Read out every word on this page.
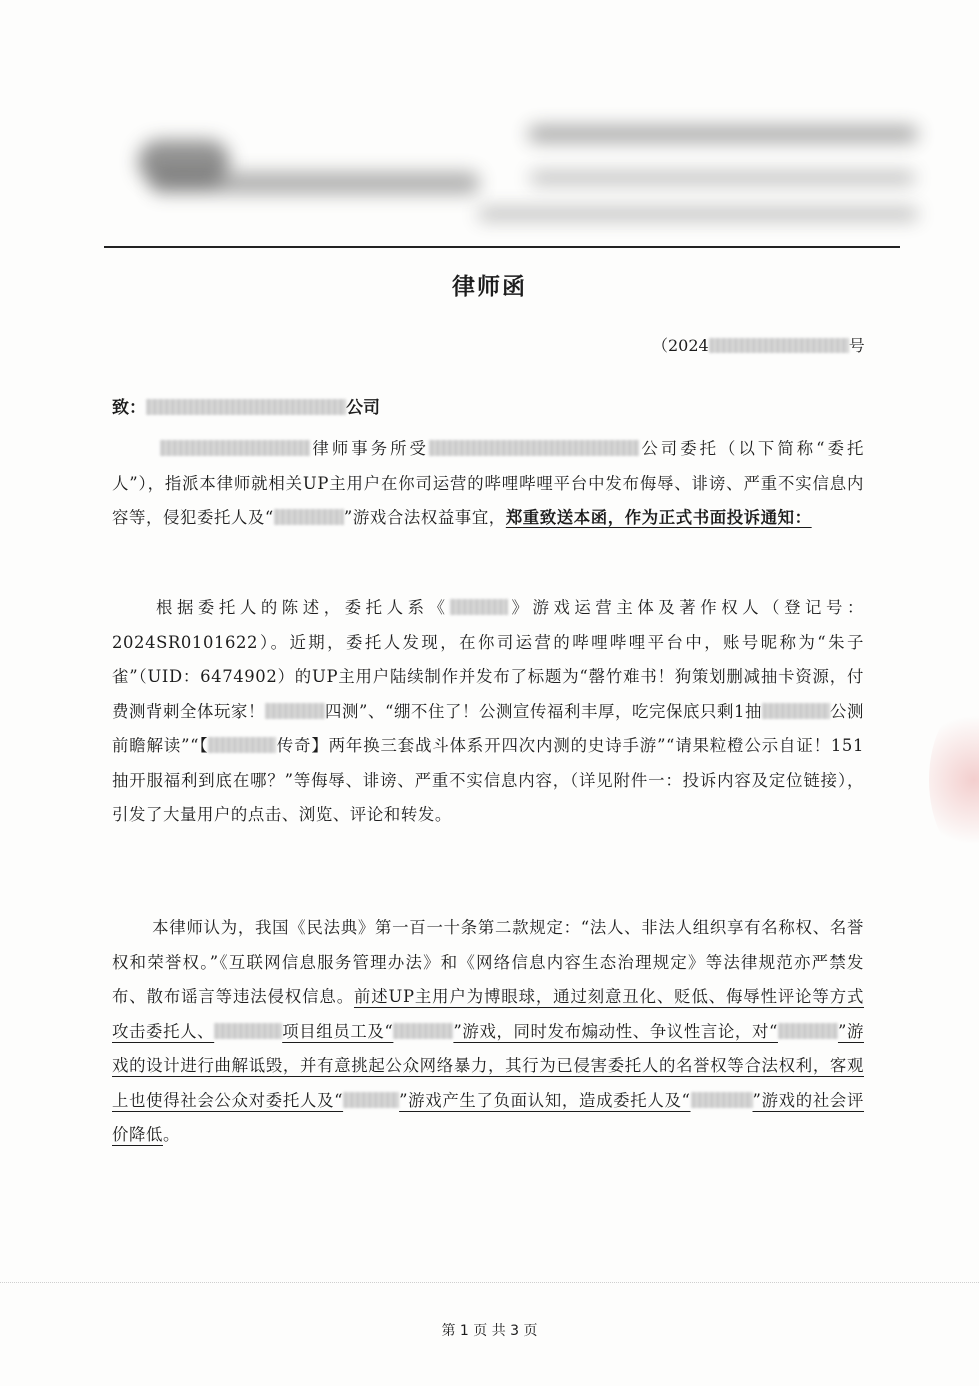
律师函
（2024	号
致：	公司
律师事务所受	公司委托（以下简称“委托人”），指派本律师就相关UP主用户在你司运营的哔哩哔哩平台中发布侮辱、诽谤、严重不实信息内容等，侵犯委托人及“	”游戏合法权益事宜，郑重致送本函，作为正式书面投诉通知：
根据委托人的陈述，委托人系《	》游戏运营主体及著作权人（登记号：2024SR0101622）。近期，委托人发现，在你司运营的哔哩哔哩平台中，账号昵称为“朱子雀”（UID：6474902）的UP主用户陆续制作并发布了标题为“罄竹难书！狗策划删减抽卡资源，付费测背刺全体玩家！	四测”、“绷不住了！公测宣传福利丰厚，吃完保底只剩1抽	公测前瞻解读”“【	传奇】两年换三套战斗体系开四次内测的史诗手游”“请果粒橙公示自证！151抽开服福利到底在哪？”等侮辱、诽谤、严重不实信息内容，（详见附件一：投诉内容及定位链接），引发了大量用户的点击、浏览、评论和转发。
本律师认为，我国《民法典》第一百一十条第二款规定：“法人、非法人组织享有名称权、名誉权和荣誉权。”《互联网信息服务管理办法》和《网络信息内容生态治理规定》等法律规范亦严禁发布、散布谣言等违法侵权信息。前述UP主用户为博眼球，通过刻意丑化、贬低、侮辱性评论等方式攻击委托人、	项目组员工及“	”游戏，同时发布煽动性、争议性言论，对“	”游戏的设计进行曲解诋毁，并有意挑起公众网络暴力，其行为已侵害委托人的名誉权等合法权利，客观上也使得社会公众对委托人及“	”游戏产生了负面认知，造成委托人及“	”游戏的社会评价降低。
第 1 页 共 3 页
